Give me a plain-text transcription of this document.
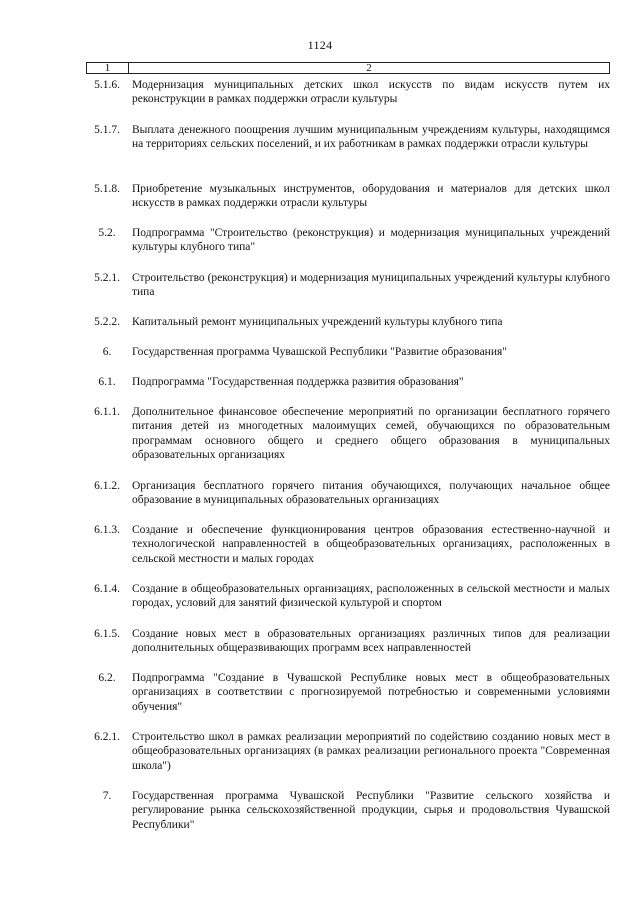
1124
1	2
5.1.6.	Модернизация муниципальных детских школ искусств по видам искусств путем их реконструкции в рамках поддержки отрасли культуры
5.1.7.	Выплата денежного поощрения лучшим муниципальным учреждениям культуры, находящимся на территориях сельских поселений, и их работникам в рамках поддержки отрасли культуры
5.1.8.	Приобретение музыкальных инструментов, оборудования и материалов для детских школ искусств в рамках поддержки отрасли культуры
5.2.	Подпрограмма "Строительство (реконструкция) и модернизация муниципальных учреждений культуры клубного типа"
5.2.1.	Строительство (реконструкция) и модернизация муниципальных учреждений культуры клубного типа
5.2.2.	Капитальный ремонт муниципальных учреждений культуры клубного типа
6.	Государственная программа Чувашской Республики "Развитие образования"
6.1.	Подпрограмма "Государственная поддержка развития образования"
6.1.1.	Дополнительное финансовое обеспечение мероприятий по организации бесплатного горячего питания детей из многодетных малоимущих семей, обучающихся по образовательным программам основного общего и среднего общего образования в муниципальных образовательных организациях
6.1.2.	Организация бесплатного горячего питания обучающихся, получающих начальное общее образование в муниципальных образовательных организациях
6.1.3.	Создание и обеспечение функционирования центров образования естественно-научной и технологической направленностей в общеобразовательных организациях, расположенных в сельской местности и малых городах
6.1.4.	Создание в общеобразовательных организациях, расположенных в сельской местности и малых городах, условий для занятий физической культурой и спортом
6.1.5.	Создание новых мест в образовательных организациях различных типов для реализации дополнительных общеразвивающих программ всех направленностей
6.2.	Подпрограмма "Создание в Чувашской Республике новых мест в общеобразовательных организациях в соответствии с прогнозируемой потребностью и современными условиями обучения"
6.2.1.	Строительство школ в рамках реализации мероприятий по содействию созданию новых мест в общеобразовательных организациях (в рамках реализации регионального проекта "Современная школа")
7.	Государственная программа Чувашской Республики "Развитие сельского хозяйства и регулирование рынка сельскохозяйственной продукции, сырья и продовольствия Чувашской Республики"
